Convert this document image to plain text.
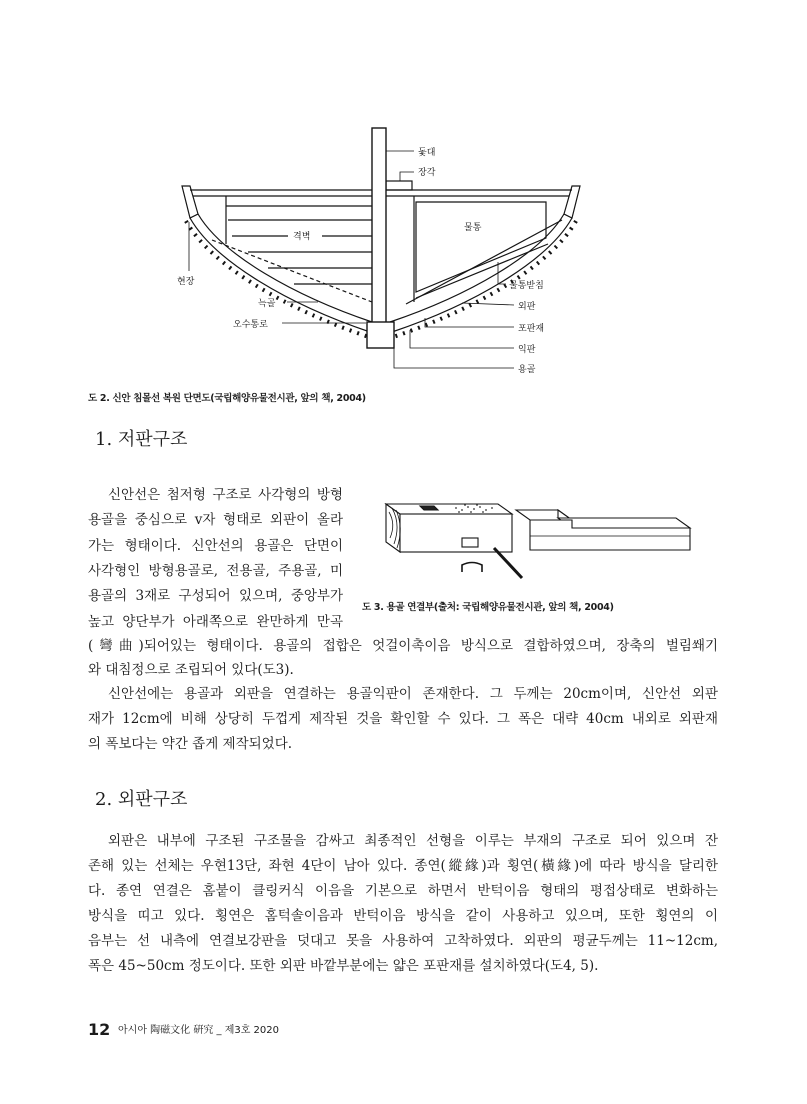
돛대
장각
격벽
물통
현장	물통받침
늑골	외판
오수통로	포판재
익판
용골
도 2. 신안 침몰선 복원 단면도(국립해양유물전시관, 앞의 책, 2004)
1. 저판구조
신안선은 첨저형 구조로 사각형의 방형
용골을 중심으로 v자 형태로 외판이 올라
가는 형태이다. 신안선의 용골은 단면이
사각형인 방형용골로, 전용골, 주용골, 미
용골의 3재로 구성되어 있으며, 중앙부가
높고 양단부가 아래쪽으로 완만하게 만곡
(彎曲)되어있는 형태이다. 용골의 접합은 엇걸이촉이음 방식으로 결합하였으며, 장축의 벌림쐐기
와 대침정으로 조립되어 있다(도3).
신안선에는 용골과 외판을 연결하는 용골익판이 존재한다. 그 두께는 20cm이며, 신안선 외판
재가 12cm에 비해 상당히 두껍게 제작된 것을 확인할 수 있다. 그 폭은 대략 40cm 내외로 외판재
의 폭보다는 약간 좁게 제작되었다.
도 3. 용골 연결부(출처: 국립해양유물전시관, 앞의 책, 2004)
2. 외판구조
외판은 내부에 구조된 구조물을 감싸고 최종적인 선형을 이루는 부재의 구조로 되어 있으며 잔
존해 있는 선체는 우현13단, 좌현 4단이 남아 있다. 종연(縱緣)과 횡연(橫緣)에 따라 방식을 달리한
다. 종연 연결은 홈붙이 클링커식 이음을 기본으로 하면서 반턱이음 형태의 평접상태로 변화하는
방식을 띠고 있다. 횡연은 홈턱솔이음과 반턱이음 방식을 같이 사용하고 있으며, 또한 횡연의 이
음부는 선 내측에 연결보강판을 덧대고 못을 사용하여 고착하였다. 외판의 평균두께는 11~12cm,
폭은 45~50cm 정도이다. 또한 외판 바깥부분에는 얇은 포판재를 설치하였다(도4, 5).
12 아시아 陶磁文化 硏究 _ 제3호 2020
